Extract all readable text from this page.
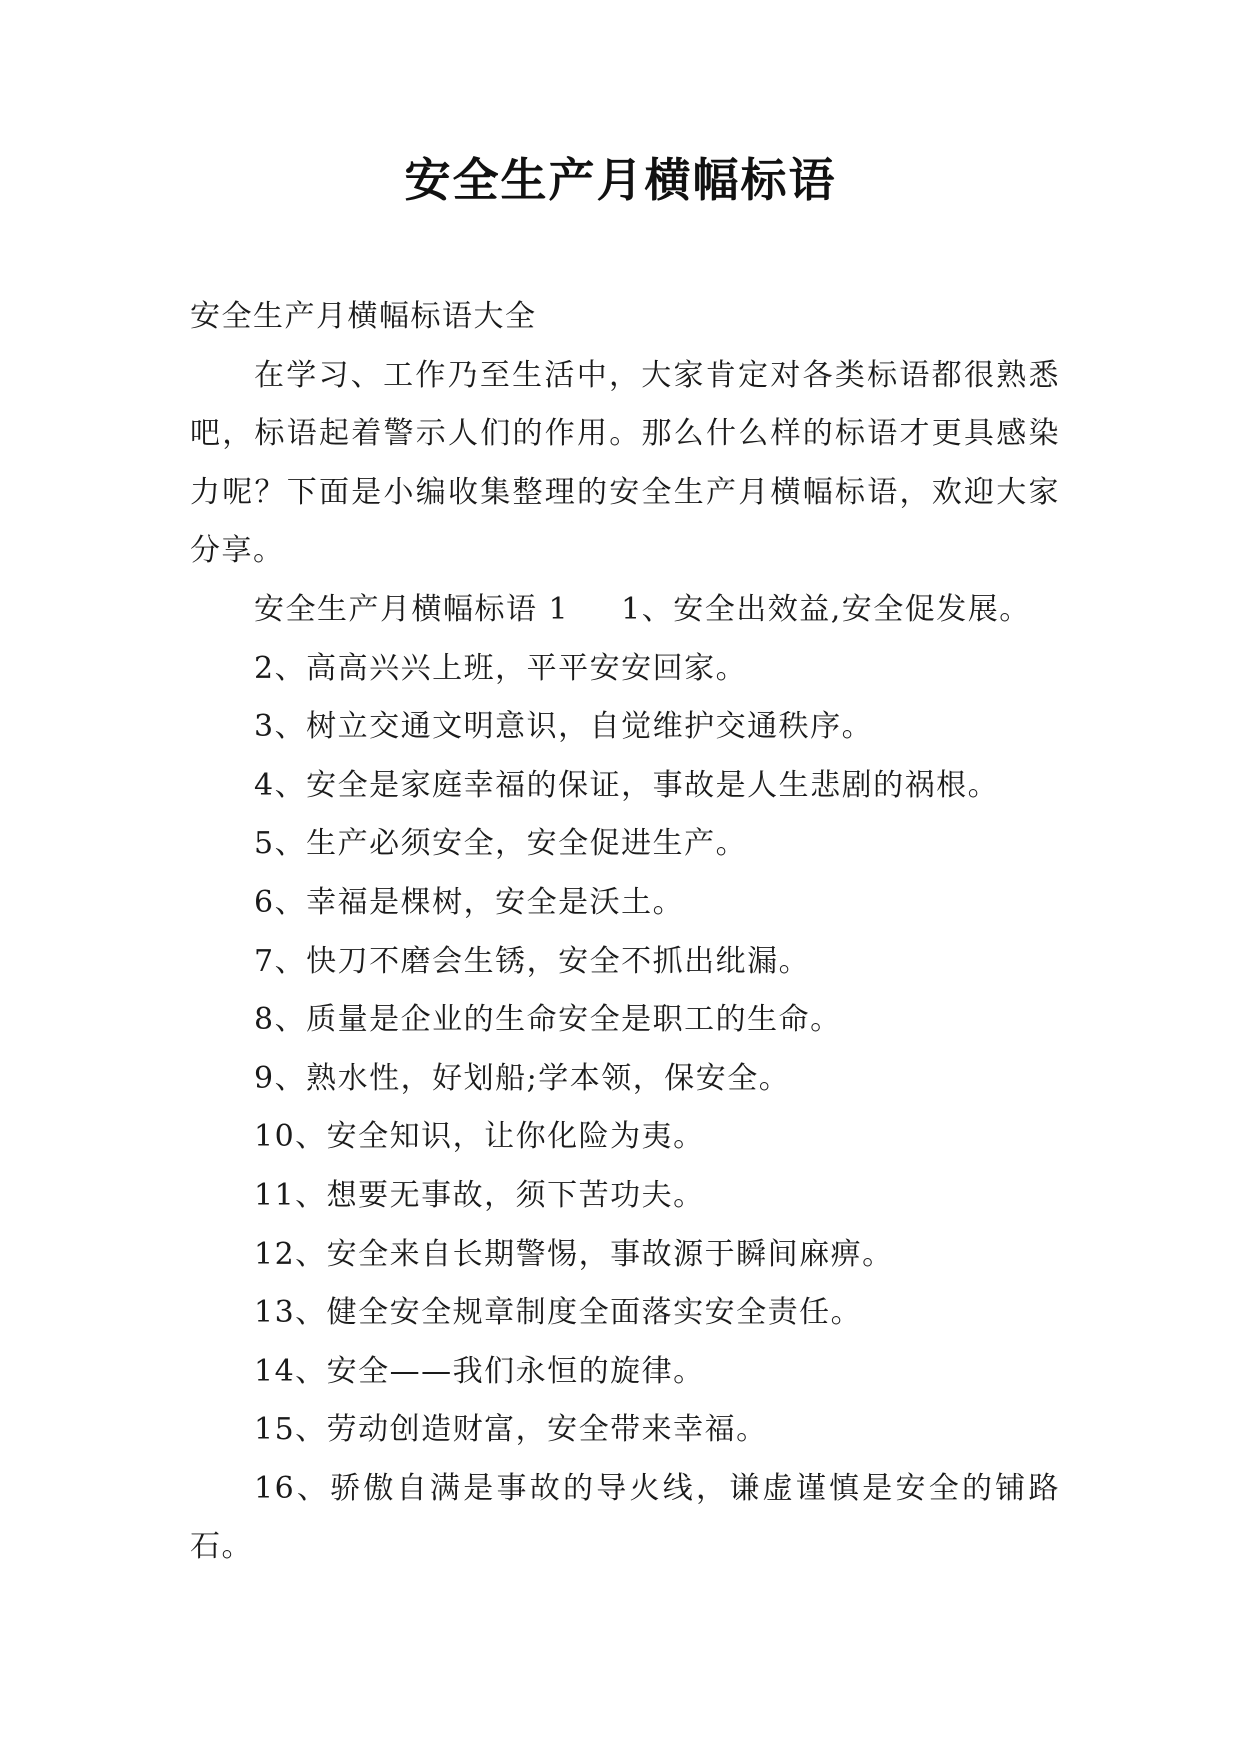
安全生产月横幅标语

安全生产月横幅标语大全

在学习、工作乃至生活中，大家肯定对各类标语都很熟悉吧，标语起着警示人们的作用。那么什么样的标语才更具感染力呢？下面是小编收集整理的安全生产月横幅标语，欢迎大家分享。

安全生产月横幅标语 1 1、安全出效益,安全促发展。

2、高高兴兴上班，平平安安回家。

3、树立交通文明意识，自觉维护交通秩序。

4、安全是家庭幸福的保证，事故是人生悲剧的祸根。

5、生产必须安全，安全促进生产。

6、幸福是棵树，安全是沃土。

7、快刀不磨会生锈，安全不抓出纰漏。

8、质量是企业的生命安全是职工的生命。

9、熟水性，好划船;学本领，保安全。

10、安全知识，让你化险为夷。

11、想要无事故，须下苦功夫。

12、安全来自长期警惕，事故源于瞬间麻痹。

13、健全安全规章制度全面落实安全责任。

14、安全——我们永恒的旋律。

15、劳动创造财富，安全带来幸福。

16、骄傲自满是事故的导火线，谦虚谨慎是安全的铺路石。
